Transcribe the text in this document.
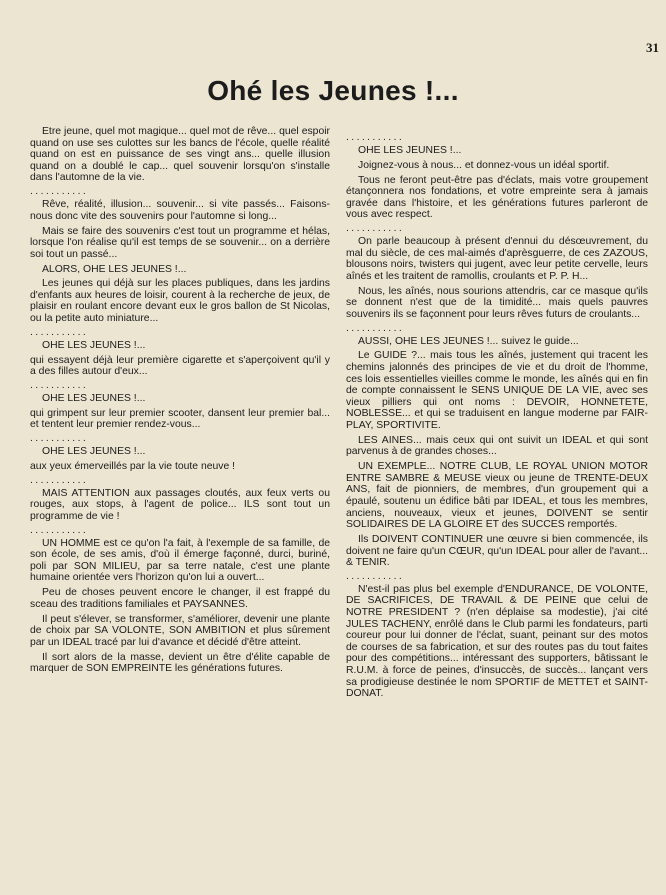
31
Ohé les Jeunes !...

Etre jeune, quel mot magique... quel mot de rêve... quel espoir quand on use ses culottes sur les bancs de l'école, quelle réalité quand on est en puissance de ses vingt ans... quelle illusion quand on a doublé le cap... quel souvenir lorsqu'on s'installe dans l'automne de la vie.

...........

Rêve, réalité, illusion... souvenir... si vite passés... Faisons-nous donc vite des souvenirs pour l'automne si long...

Mais se faire des souvenirs c'est tout un programme et hélas, lorsque l'on réalise qu'il est temps de se souvenir... on a derrière soi tout un passé...

ALORS, OHE LES JEUNES !...

Les jeunes qui déjà sur les places publiques, dans les jardins d'enfants aux heures de loisir, courent à la recherche de jeux, de plaisir en roulant encore devant eux le gros ballon de St Nicolas, ou la petite auto miniature...

...........

OHE LES JEUNES !...

qui essayent déjà leur première cigarette et s'aperçoivent qu'il y a des filles autour d'eux...

...........

OHE LES JEUNES !...

qui grimpent sur leur premier scooter, dansent leur premier bal... et tentent leur premier rendez-vous...

...........

OHE LES JEUNES !...

aux yeux émerveillés par la vie toute neuve !

...........

MAIS ATTENTION aux passages cloutés, aux feux verts ou rouges, aux stops, à l'agent de police... ILS sont tout un programme de vie !

...........

UN HOMME est ce qu'on l'a fait, à l'exemple de sa famille, de son école, de ses amis, d'où il émerge façonné, durci, buriné, poli par SON MILIEU, par sa terre natale, c'est une plante humaine orientée vers l'horizon qu'on lui a ouvert...

Peu de choses peuvent encore le changer, il est frappé du sceau des traditions familiales et PAYSANNES.

Il peut s'élever, se transformer, s'améliorer, devenir une plante de choix par SA VOLONTE, SON AMBITION et plus sûrement par un IDEAL tracé par lui d'avance et décidé d'être atteint.

Il sort alors de la masse, devient un être d'élite capable de marquer de SON EMPREINTE les générations futures.

...........

OHE LES JEUNES !...

Joignez-vous à nous... et donnez-vous un idéal sportif.

Tous ne feront peut-être pas d'éclats, mais votre groupement étançonnera nos fondations, et votre empreinte sera à jamais gravée dans l'histoire, et les générations futures parleront de vous avec respect.

...........

On parle beaucoup à présent d'ennui du désœuvrement, du mal du siècle, de ces mal-aimés d'aprèsguerre, de ces ZAZOUS, blousons noirs, twisters qui jugent, avec leur petite cervelle, leurs aînés et les traitent de ramollis, croulants et P. P. H...

Nous, les aînés, nous sourions attendris, car ce masque qu'ils se donnent n'est que de la timidité... mais quels pauvres souvenirs ils se façonnent pour leurs rêves futurs de croulants...

...........

AUSSI, OHE LES JEUNES !... suivez le guide...

Le GUIDE ?... mais tous les aînés, justement qui tracent les chemins jalonnés des principes de vie et du droit de l'homme, ces lois essentielles vieilles comme le monde, les aînés qui en fin de compte connaissent le SENS UNIQUE DE LA VIE, avec ses vieux pilliers qui ont noms : DEVOIR, HONNETETE, NOBLESSE... et qui se traduisent en langue moderne par FAIR-PLAY, SPORTIVITE.

LES AINES... mais ceux qui ont suivit un IDEAL et qui sont parvenus à de grandes choses...

UN EXEMPLE... NOTRE CLUB, LE ROYAL UNION MOTOR ENTRE SAMBRE & MEUSE vieux ou jeune de TRENTE-DEUX ANS, fait de pionniers, de membres, d'un groupement qui a épaulé, soutenu un édifice bâti par IDEAL, et tous les membres, anciens, nouveaux, vieux et jeunes, DOIVENT se sentir SOLIDAIRES DE LA GLOIRE ET des SUCCES remportés.

Ils DOIVENT CONTINUER une œuvre si bien commencée, ils doivent ne faire qu'un CŒUR, qu'un IDEAL pour aller de l'avant... & TENIR.

...........

N'est-il pas plus bel exemple d'ENDURANCE, DE VOLONTE, DE SACRIFICES, DE TRAVAIL & DE PEINE que celui de NOTRE PRESIDENT ? (n'en déplaise sa modestie), j'ai cité JULES TACHENY, enrôlé dans le Club parmi les fondateurs, parti coureur pour lui donner de l'éclat, suant, peinant sur des motos de courses de sa fabrication, et sur des routes pas du tout faites pour des compétitions... intéressant des supporters, bâtissant le R.U.M. à force de peines, d'insuccès, de succès... lançant vers sa prodigieuse destinée le nom SPORTIF de METTET et SAINT-DONAT.
